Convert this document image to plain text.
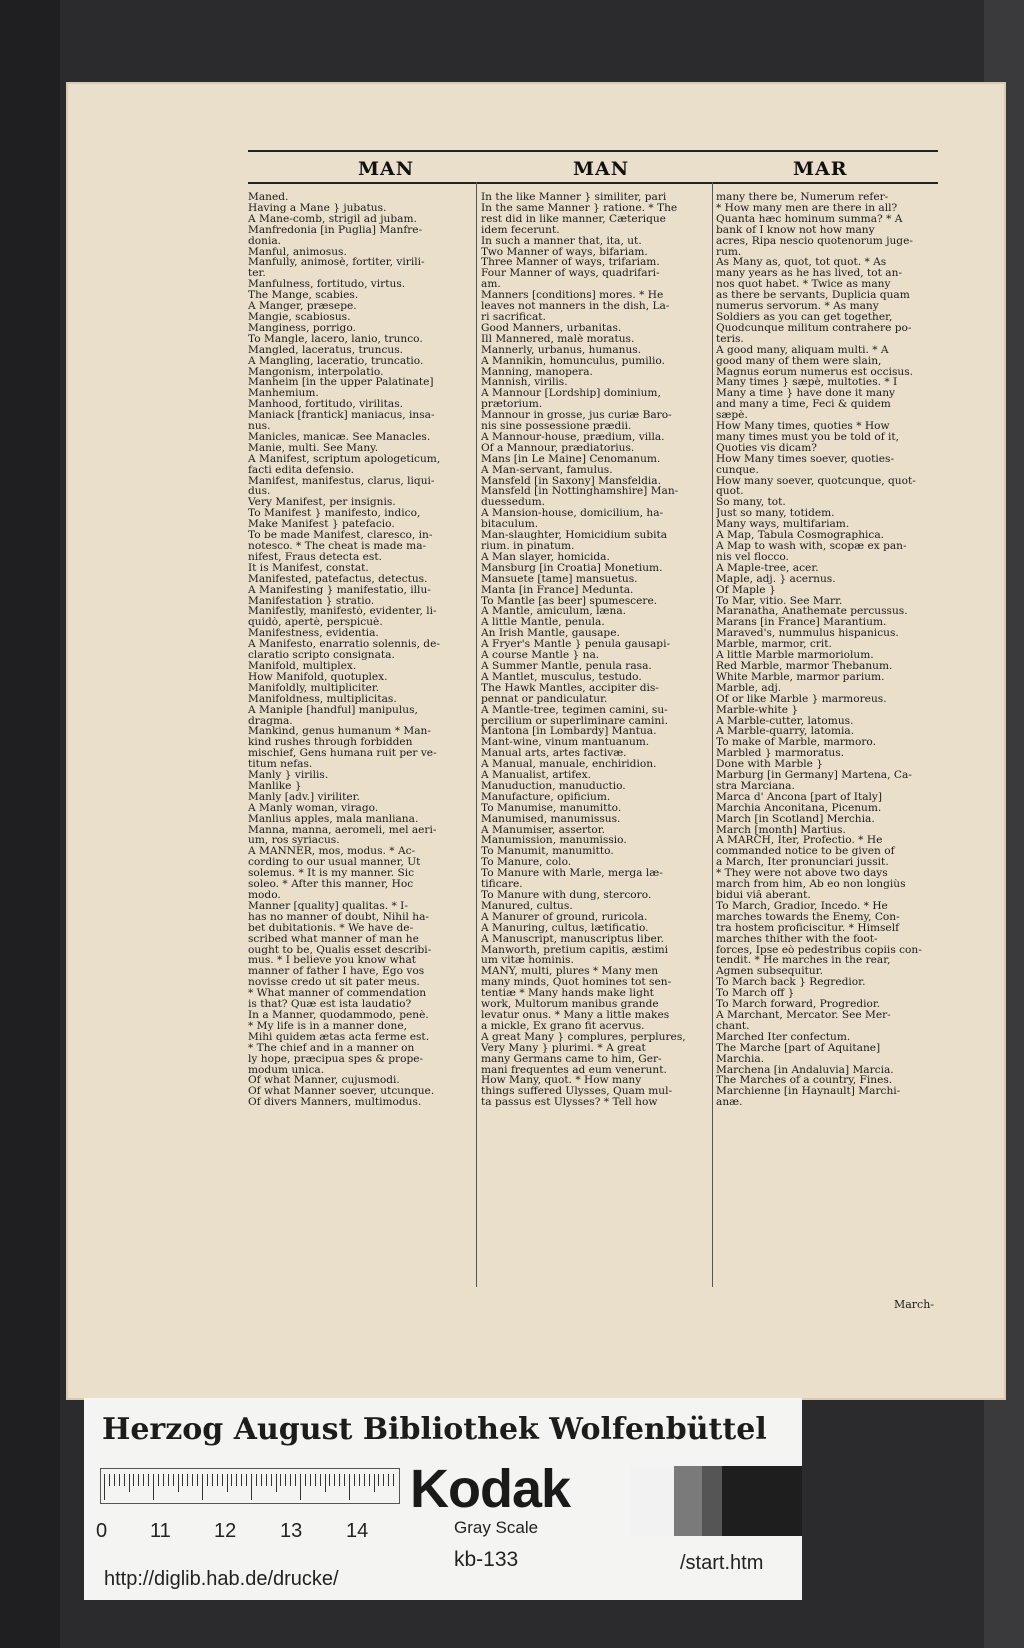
MAN	MAN	MAR
Maned.
Having a Mane } jubatus.
A Mane-comb, strigil ad jubam.
Manfredonia [in Puglia] Manfre-
donia.
Manful, animosus.
Manfully, animosè, fortiter, virili-
ter.
Manfulness, fortitudo, virtus.
The Mange, scabies.
A Manger, præsepe.
Mangie, scabiosus.
Manginess, porrigo.
To Mangle, lacero, lanio, trunco.
Mangled, laceratus, truncus.
A Mangling, laceratio, truncatio.
Mangonism, interpolatio.
Manheim [in the upper Palatinate]
Manhemium.
Manhood, fortitudo, virilitas.
Maniack [frantick] maniacus, insa-
nus.
Manicles, manicæ. See Manacles.
Manie, multi. See Many.
A Manifest, scriptum apologeticum,
facti edita defensio.
Manifest, manifestus, clarus, liqui-
dus.
Very Manifest, per insignis.
To Manifest } manifesto, indico,
Make Manifest } patefacio.
To be made Manifest, claresco, in-
notesco. * The cheat is made ma-
nifest, Fraus detecta est.
It is Manifest, constat.
Manifested, patefactus, detectus.
A Manifesting } manifestatio, illu-
Manifestation } stratio.
Manifestly, manifestò, evidenter, li-
quidò, apertè, perspicuè.
Manifestness, evidentia.
A Manifesto, enarratio solennis, de-
claratio scripto consignata.
Manifold, multiplex.
How Manifold, quotuplex.
Manifoldly, multipliciter.
Manifoldness, multiplicitas.
A Maniple [handful] manipulus,
dragma.
Mankind, genus humanum * Man-
kind rushes through forbidden
mischief, Gens humana ruit per ve-
titum nefas.
Manly } virilis.
Manlike }
Manly [adv.] viriliter.
A Manly woman, virago.
Manlius apples, mala manliana.
Manna, manna, aeromeli, mel aeri-
um, ros syriacus.
A MANNER, mos, modus. * Ac-
cording to our usual manner, Ut
solemus. * It is my manner. Sic
soleo. * After this manner, Hoc
modo.
Manner [quality] qualitas. * I-
has no manner of doubt, Nihil ha-
bet dubitationis. * We have de-
scribed what manner of man he
ought to be, Qualis esset describi-
mus. * I believe you know what
manner of father I have, Ego vos
novisse credo ut sit pater meus.
* What manner of commendation
is that? Quæ est ista laudatio?
In a Manner, quodammodo, penè.
* My life is in a manner done,
Mihi quidem ætas acta ferme est.
* The chief and in a manner on
ly hope, præcipua spes & prope-
modum unica.
Of what Manner, cujusmodi.
Of what Manner soever, utcunque.
Of divers Manners, multimodus.
In the like Manner } similiter, pari
In the same Manner } ratione. * The
rest did in like manner, Cæterique
idem fecerunt.
In such a manner that, ita, ut.
Two Manner of ways, bifariam.
Three Manner of ways, trifariam.
Four Manner of ways, quadrifari-
am.
Manners [conditions] mores. * He
leaves not manners in the dish, La-
ri sacrificat.
Good Manners, urbanitas.
Ill Mannered, malè moratus.
Mannerly, urbanus, humanus.
A Mannikin, homunculus, pumilio.
Manning, manopera.
Mannish, virilis.
A Mannour [Lordship] dominium,
prætorium.
Mannour in grosse, jus curiæ Baro-
nis sine possessione prædii.
A Mannour-house, prædium, villa.
Of a Mannour, prædiatorius.
Mans [in Le Maine] Cenomanum.
A Man-servant, famulus.
Mansfeld [in Saxony] Mansfeldia.
Mansfeld [in Nottinghamshire] Man-
duessedum.
A Mansion-house, domicilium, ha-
bitaculum.
Man-slaughter, Homicidium subita
rium. in pinatum.
A Man slayer, homicida.
Mansburg [in Croatia] Monetium.
Mansuete [tame] mansuetus.
Manta [in France] Meduntа.
To Mantle [as beer] spumescere.
A Mantle, amiculum, læna.
A little Mantle, penula.
An Irish Mantle, gausape.
A Fryer's Mantle } penula gausapi-
A course Mantle } na.
A Summer Mantle, penula rasa.
A Mantlet, musculus, testudo.
The Hawk Mantles, accipiter dis-
pennat or pandiculatur.
A Mantle-tree, tegimen camini, su-
percilium or superliminare camini.
Mantona [in Lombardy] Mantua.
Mant-wine, vinum mantuanum.
Manual arts, artes factivæ.
A Manual, manuale, enchiridion.
A Manualist, artifex.
Manuduction, manuductio.
Manufacture, opificium.
To Manumise, manumitto.
Manumised, manumissus.
A Manumiser, assertor.
Manumission, manumissio.
To Manumit, manumitto.
To Manure, colo.
To Manure with Marle, merga læ-
tificare.
To Manure with dung, stercoro.
Manured, cultus.
A Manurer of ground, ruricola.
A Manuring, cultus, lætificatio.
A Manuscript, manuscriptus liber.
Manworth, pretium capitis, æstimi
um vitæ hominis.
MANY, multi, plures * Many men
many minds, Quot homines tot sen-
tentiæ * Many hands make light
work, Multorum manibus grande
levatur onus. * Many a little makes
a mickle, Ex grano fit acervus.
A great Many } complures, perplures,
Very Many } plurimi. * A great
many Germans came to him, Ger-
mani frequentes ad eum venerunt.
How Many, quot. * How many
things suffered Ulysses, Quam mul-
ta passus est Ulysses? * Tell how
many there be, Numerum refer-
* How many men are there in all?
Quanta hæc hominum summa? * A
bank of I know not how many
acres, Ripa nescio quotenorum juge-
rum.
As Many as, quot, tot quot. * As
many years as he has lived, tot an-
nos quot habet. * Twice as many
as there be servants, Duplicia quam
numerus servorum. * As many
Soldiers as you can get together,
Quodcunque militum contrahere po-
teris.
A good many, aliquam multi. * A
good many of them were slain,
Magnus eorum numerus est occisus.
Many times } sæpè, multoties. * I
Many a time } have done it many
and many a time, Feci & quidem
sæpè.
How Many times, quoties * How
many times must you be told of it,
Quoties vis dicam?
How Many times soever, quoties-
cunque.
How many soever, quotcunque, quot-
quot.
So many, tot.
Just so many, totidem.
Many ways, multifariam.
A Map, Tabula Cosmographica.
A Map to wash with, scopæ ex pan-
nis vel flocco.
A Maple-tree, acer.
Maple, adj. } acernus.
Of Maple }
To Mar, vitio. See Marr.
Maranatha, Anathemate percussus.
Marans [in France] Marantium.
Maraved's, nummulus hispanicus.
Marble, marmor, crit.
A little Marble marmoriolum.
Red Marble, marmor Thebanum.
White Marble, marmor parium.
Marble, adj.
Of or like Marble } marmoreus.
Marble-white }
A Marble-cutter, latomus.
A Marble-quarry, latomia.
To make of Marble, marmoro.
Marbled } marmoratus.
Done with Marble }
Marburg [in Germany] Martena, Ca-
stra Marciana.
Marca d' Ancona [part of Italy]
Marchia Anconitana, Picenum.
March [in Scotland] Merchia.
March [month] Martius.
A MARCH, Iter, Profectio. * He
commanded notice to be given of
a March, Iter pronunciari jussit.
* They were not above two days
march from him, Ab eo non longiùs
bidui viâ aberant.
To March, Gradior, Incedo. * He
marches towards the Enemy, Con-
tra hostem proficiscitur. * Himself
marches thither with the foot-
forces, Ipse eò pedestribus copiis con-
tendit. * He marches in the rear,
Agmen subsequitur.
To March back } Regredior.
To March off }
To March forward, Progredior.
A Marchant, Mercator. See Mer-
chant.
Marched Iter confectum.
The Marche [part of Aquitane]
Marchia.
Marchena [in Andaluvia] Marcia.
The Marches of a country, Fines.
Marchienne [in Haynault] Marchi-
anæ.
March-
Herzog August Bibliothek Wolfenbüttel
0 11 12 13 14
Kodak
Gray Scale
kb-133
http://diglib.hab.de/drucke/
/start.htm
